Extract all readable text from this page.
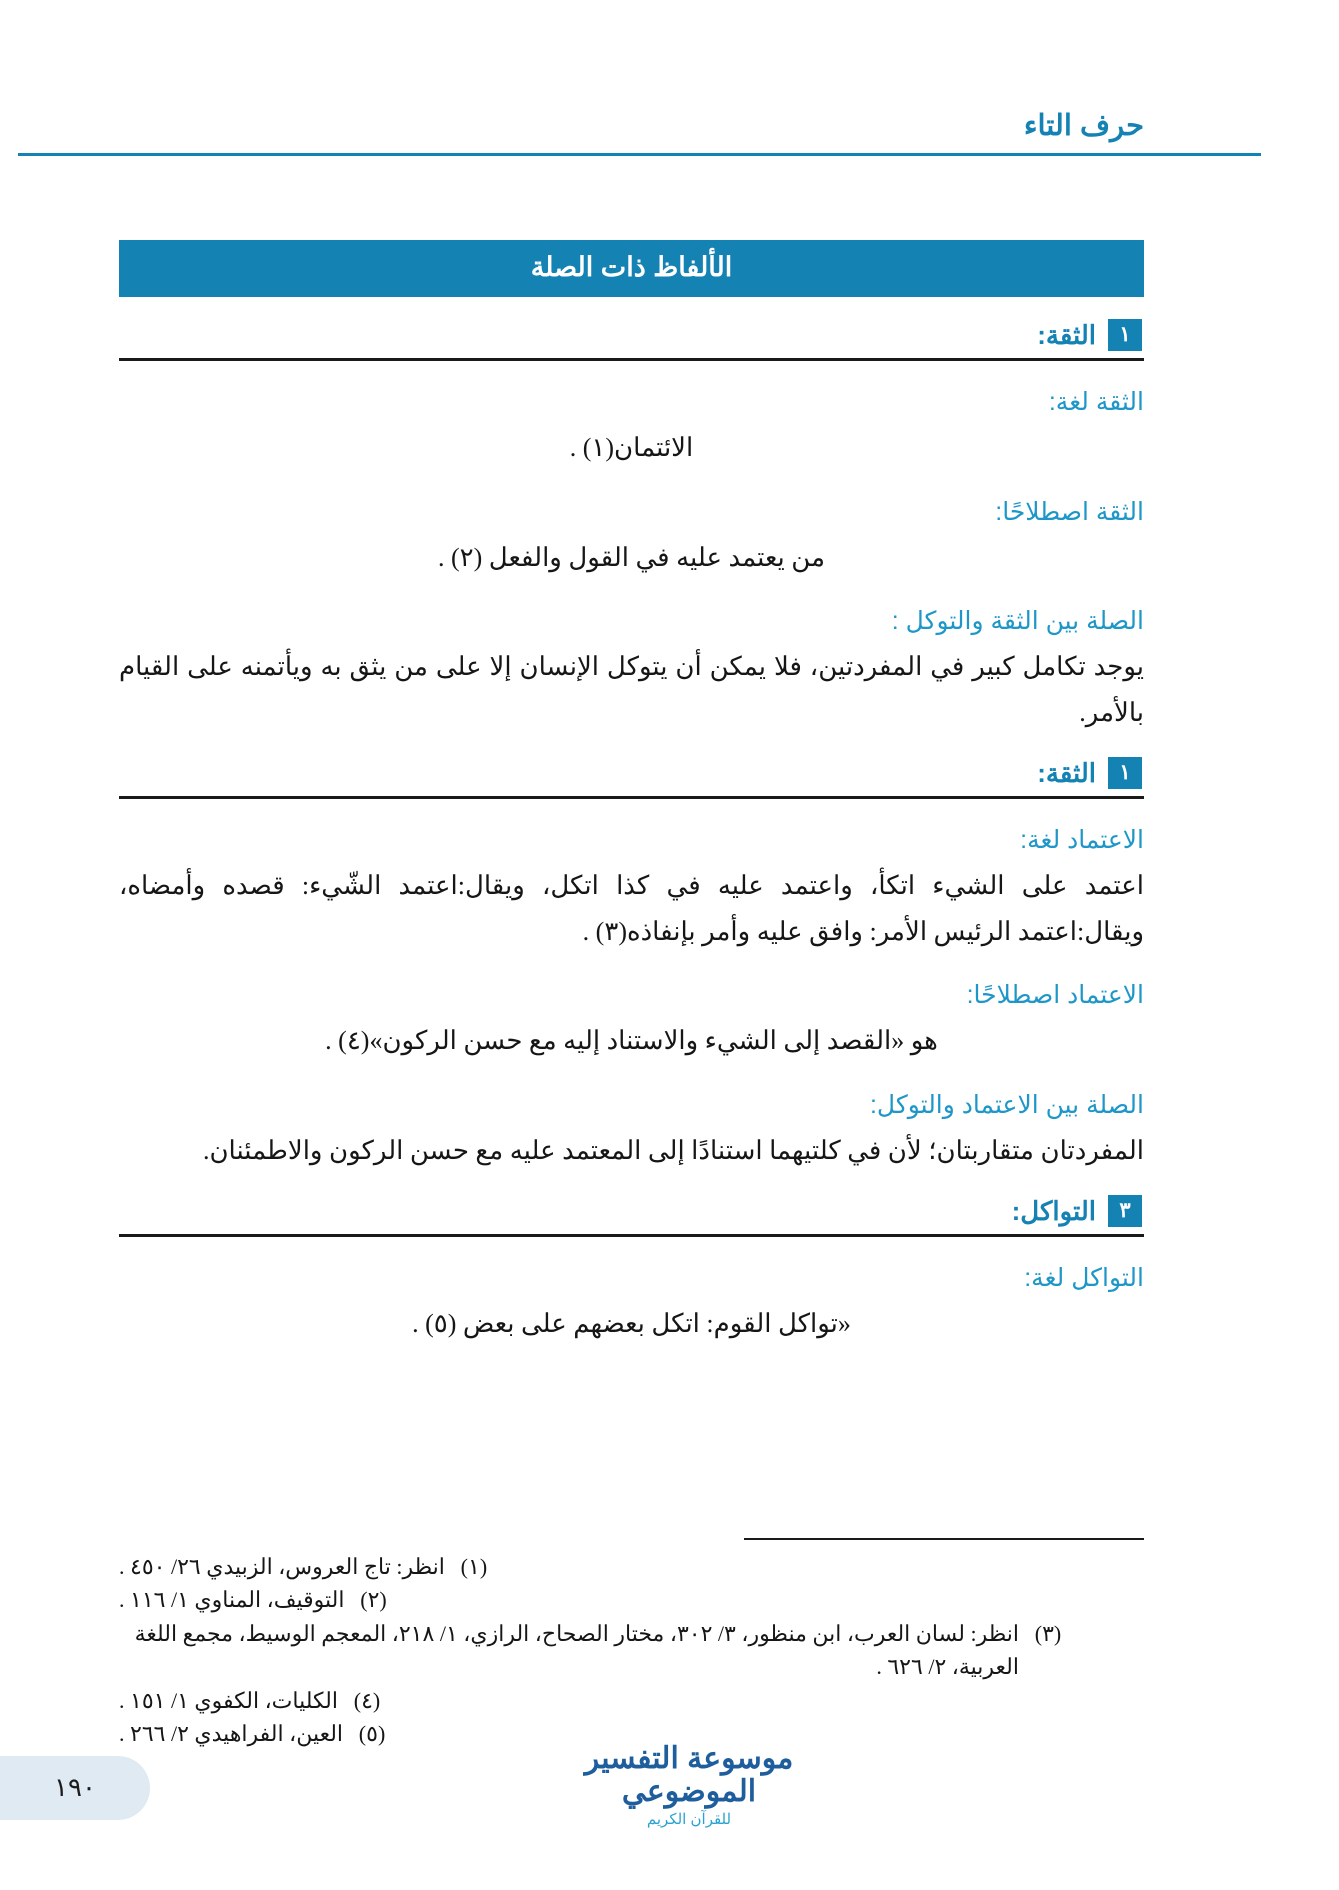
حرف التاء
الألفاظ ذات الصلة
١
الثقة:
الثقة لغة:
الائتمان(١) .
الثقة اصطلاحًا:
من يعتمد عليه في القول والفعل (٢) .
الصلة بين الثقة والتوكل :
يوجد تكامل كبير في المفردتين، فلا يمكن أن يتوكل الإنسان إلا على من يثق به ويأتمنه على القيام بالأمر.
١
الثقة:
الاعتماد لغة:
اعتمد على الشيء اتكأ، واعتمد عليه في كذا اتكل، ويقال:اعتمد الشّيء: قصده وأمضاه، ويقال:اعتمد الرئيس الأمر: وافق عليه وأمر بإنفاذه(٣) .
الاعتماد اصطلاحًا:
هو «القصد إلى الشيء والاستناد إليه مع حسن الركون»(٤) .
الصلة بين الاعتماد والتوكل:
المفردتان متقاربتان؛ لأن في كلتيهما استنادًا إلى المعتمد عليه مع حسن الركون والاطمئنان.
٣
التواكل:
التواكل لغة:
«تواكل القوم: اتكل بعضهم على بعض (٥) .
(١)
انظر: تاج العروس، الزبيدي ٢٦/ ٤٥٠ .
(٢)
التوقيف، المناوي ١/ ١١٦ .
(٣)
انظر: لسان العرب، ابن منظور، ٣/ ٣٠٢، مختار الصحاح، الرازي، ١/ ٢١٨، المعجم الوسيط، مجمع اللغة العربية، ٢/ ٦٢٦ .
(٤)
الكليات، الكفوي ١/ ١٥١ .
(٥)
العين، الفراهيدي ٢/ ٢٦٦ .
موسوعة التفسير الموضوعي
للقرآن الكريم
١٩٠
